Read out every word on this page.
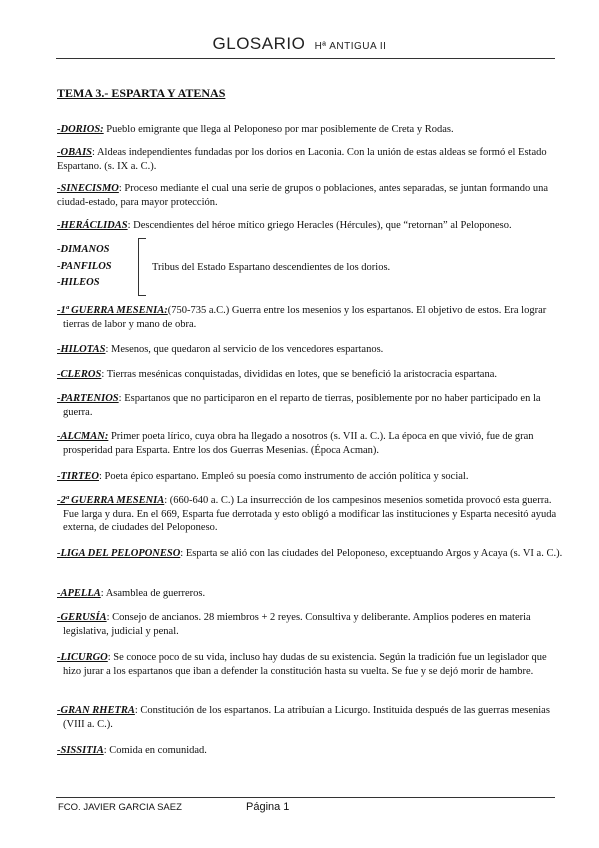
GLOSARIO Hª ANTIGUA II
TEMA 3.- ESPARTA Y ATENAS
-DORIOS: Pueblo emigrante que llega al Peloponeso por mar posiblemente de Creta y Rodas.
-OBAIS: Aldeas independientes fundadas por los dorios en Laconia. Con la unión de estas aldeas se formó el Estado Espartano. (s. IX a. C.).
-SINECISMO: Proceso mediante el cual una serie de grupos o poblaciones, antes separadas, se juntan formando una ciudad-estado, para mayor protección.
-HERÁCLIDAS: Descendientes del héroe mítico griego Heracles (Hércules), que “retornan” al Peloponeso.
-DIMANOS
-PANFILOS
-HILEOS
Tribus del Estado Espartano descendientes de los dorios.
-1ª GUERRA MESENIA:(750-735 a.C.) Guerra entre los mesenios y los espartanos. El objetivo de estos. Era lograr tierras de labor y mano de obra.
-HILOTAS: Mesenos, que quedaron al servicio de los vencedores espartanos.
-CLEROS: Tierras mesénicas conquistadas, divididas en lotes, que se benefició la aristocracia espartana.
-PARTENIOS: Espartanos que no participaron en el reparto de tierras, posiblemente por no haber participado en la guerra.
-ALCMAN: Primer poeta lírico, cuya obra ha llegado a nosotros (s. VII a. C.). La época en que vivió, fue de gran prosperidad para Esparta. Entre los dos Guerras Mesenias. (Época Acman).
-TIRTEO: Poeta épico espartano. Empleó su poesía como instrumento de acción política y social.
-2ª GUERRA MESENIA: (660-640 a. C.) La insurrección de los campesinos mesenios sometida provocó esta guerra. Fue larga y dura. En el 669, Esparta fue derrotada y esto obligó a modificar las instituciones y Esparta necesitó ayuda externa, de ciudades del Peloponeso.
-LIGA DEL PELOPONESO: Esparta se alió con las ciudades del Peloponeso, exceptuando Argos y Acaya (s. VI a. C.).
-APELLA: Asamblea de guerreros.
-GERUSÍA: Consejo de ancianos. 28 miembros + 2 reyes. Consultiva y deliberante. Amplios poderes en materia legislativa, judicial y penal.
-LICURGO: Se conoce poco de su vida, incluso hay dudas de su existencia. Según la tradición fue un legislador que hizo jurar a los espartanos que iban a defender la constitución hasta su vuelta. Se fue y se dejó morir de hambre.
-GRAN RHETRA: Constitución de los espartanos. La atribuían a Licurgo. Instituida después de las guerras mesenias (VIII a. C.).
-SISSITIA: Comida en comunidad.
FCO. JAVIER GARCIA SAEZ	Página 1
